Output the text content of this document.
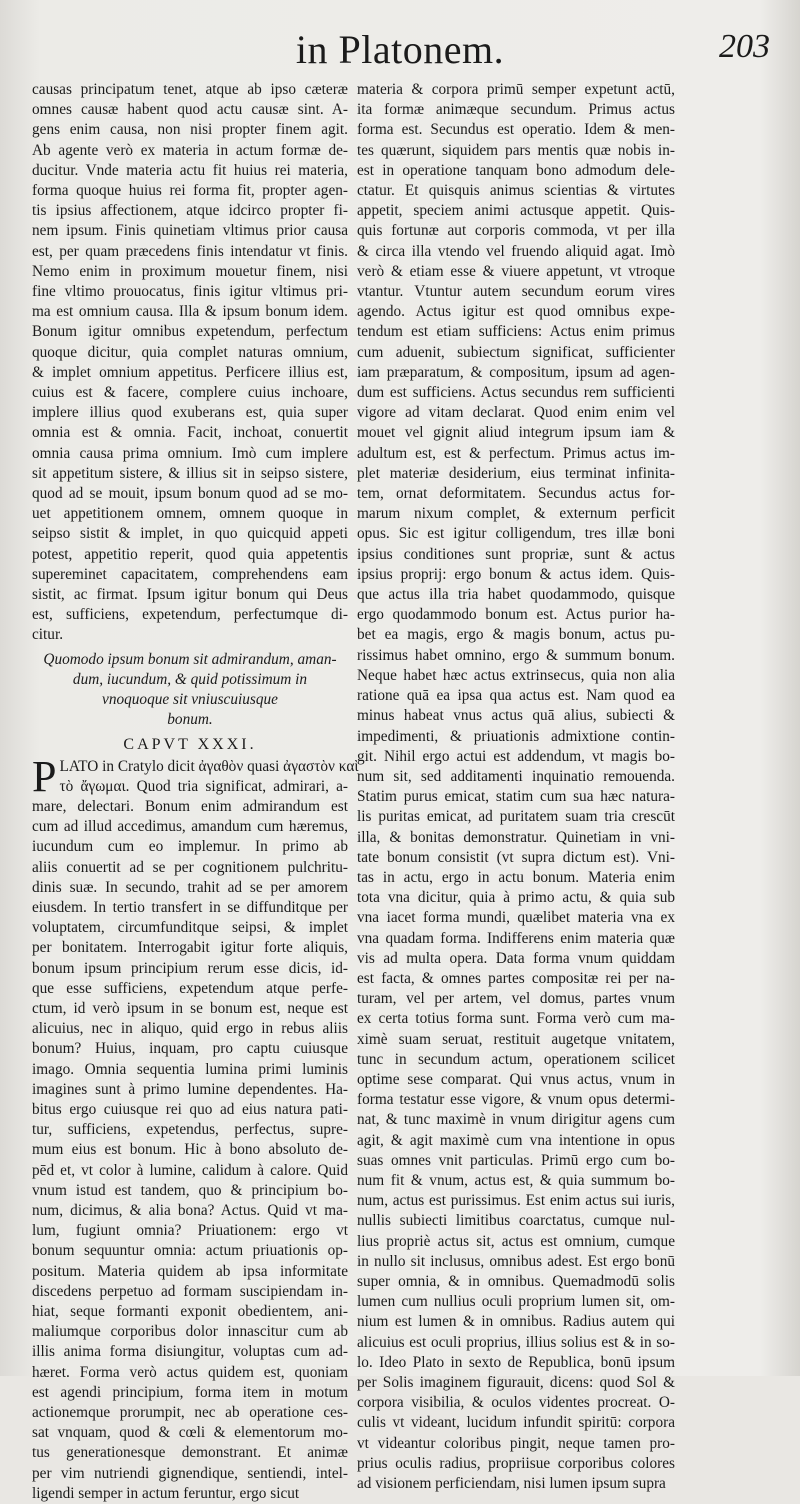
in Platonem.	203
causas principatum tenet, atque ab ipso cæteræ
omnes causæ habent quod actu causæ sint. A-
gens enim causa, non nisi propter finem agit.
Ab agente verò ex materia in actum formæ de-
ducitur. Vnde materia actu fit huius rei materia,
forma quoque huius rei forma fit, propter agen-
tis ipsius affectionem, atque idcirco propter fi-
nem ipsum. Finis quinetiam vltimus prior causa
est, per quam præcedens finis intendatur vt finis.
Nemo enim in proximum mouetur finem, nisi
fine vltimo prouocatus, finis igitur vltimus pri-
ma est omnium causa. Illa & ipsum bonum idem.
Bonum igitur omnibus expetendum, perfectum
quoque dicitur, quia complet naturas omnium,
& implet omnium appetitus. Perficere illius est,
cuius est & facere, complere cuius inchoare,
implere illius quod exuberans est, quia super
omnia est & omnia. Facit, inchoat, conuertit
omnia causa prima omnium. Imò cum implere
sit appetitum sistere, & illius sit in seipso sistere,
quod ad se mouit, ipsum bonum quod ad se mo-
uet appetitionem omnem, omnem quoque in
seipso sistit & implet, in quo quicquid appeti
potest, appetitio reperit, quod quia appetentis
supereminet capacitatem, comprehendens eam
sistit, ac firmat. Ipsum igitur bonum qui Deus
est, sufficiens, expetendum, perfectumque di-
citur.
Quomodo ipsum bonum sit admirandum, aman-
dum, iucundum, & quid potissimum in
vnoquoque sit vniuscuiusque
bonum.
CAPVT XXXI.
P LATO in Cratylo dicit ἀγαθὸν quasi ἀγαστὸν καὶ
τὸ ἄγωμαι. Quod tria significat, admirari, a-
mare, delectari. Bonum enim admirandum est
cum ad illud accedimus, amandum cum hæremus,
iucundum cum eo implemur. In primo ab
aliis conuertit ad se per cognitionem pulchritu-
dinis suæ. In secundo, trahit ad se per amorem
eiusdem. In tertio transfert in se diffunditque per
voluptatem, circumfunditque seipsi, & implet
per bonitatem. Interrogabit igitur forte aliquis,
bonum ipsum principium rerum esse dicis, id-
que esse sufficiens, expetendum atque perfe-
ctum, id verò ipsum in se bonum est, neque est
alicuius, nec in aliquo, quid ergo in rebus aliis
bonum? Huius, inquam, pro captu cuiusque
imago. Omnia sequentia lumina primi luminis
imagines sunt à primo lumine dependentes. Ha-
bitus ergo cuiusque rei quo ad eius natura pati-
tur, sufficiens, expetendus, perfectus, supre-
mum eius est bonum. Hic à bono absoluto de-
pēd et, vt color à lumine, calidum à calore. Quid
vnum istud est tandem, quo & principium bo-
num, dicimus, & alia bona? Actus. Quid vt ma-
lum, fugiunt omnia? Priuationem: ergo vt
bonum sequuntur omnia: actum priuationis op-
positum. Materia quidem ab ipsa informitate
discedens perpetuo ad formam suscipiendam in-
hiat, seque formanti exponit obedientem, ani-
maliumque corporibus dolor innascitur cum ab
illis anima forma disiungitur, voluptas cum ad-
hæret. Forma verò actus quidem est, quoniam
est agendi principium, forma item in motum
actionemque prorumpit, nec ab operatione ces-
sat vnquam, quod & cœli & elementorum mo-
tus generationesque demonstrant. Et animæ
per vim nutriendi gignendique, sentiendi, intel-
ligendi semper in actum feruntur, ergo sicut
materia & corpora primū semper expetunt actū,
ita formæ animæque secundum. Primus actus
forma est. Secundus est operatio. Idem & men-
tes quærunt, siquidem pars mentis quæ nobis in-
est in operatione tanquam bono admodum dele-
ctatur. Et quisquis animus scientias & virtutes
appetit, speciem animi actusque appetit. Quis-
quis fortunæ aut corporis commoda, vt per illa
& circa illa vtendo vel fruendo aliquid agat. Imò
verò & etiam esse & viuere appetunt, vt vtroque
vtantur. Vtuntur autem secundum eorum vires
agendo. Actus igitur est quod omnibus expe-
tendum est etiam sufficiens: Actus enim primus
cum aduenit, subiectum significat, sufficienter
iam præparatum, & compositum, ipsum ad agen-
dum est sufficiens. Actus secundus rem sufficienti
vigore ad vitam declarat. Quod enim enim vel
mouet vel gignit aliud integrum ipsum iam &
adultum est, est & perfectum. Primus actus im-
plet materiæ desiderium, eius terminat infinita-
tem, ornat deformitatem. Secundus actus for-
marum nixum complet, & externum perficit
opus. Sic est igitur colligendum, tres illæ boni
ipsius conditiones sunt propriæ, sunt & actus
ipsius proprij: ergo bonum & actus idem. Quis-
que actus illa tria habet quodammodo, quisque
ergo quodammodo bonum est. Actus purior ha-
bet ea magis, ergo & magis bonum, actus pu-
rissimus habet omnino, ergo & summum bonum.
Neque habet hæc actus extrinsecus, quia non alia
ratione quā ea ipsa qua actus est. Nam quod ea
minus habeat vnus actus quā alius, subiecti &
impedimenti, & priuationis admixtione contin-
git. Nihil ergo actui est addendum, vt magis bo-
num sit, sed additamenti inquinatio remouenda.
Statim purus emicat, statim cum sua hæc natura-
lis puritas emicat, ad puritatem suam tria crescūt
illa, & bonitas demonstratur. Quinetiam in vni-
tate bonum consistit (vt supra dictum est). Vni-
tas in actu, ergo in actu bonum. Materia enim
tota vna dicitur, quia à primo actu, & quia sub
vna iacet forma mundi, quælibet materia vna ex
vna quadam forma. Indifferens enim materia quæ
vis ad multa opera. Data forma vnum quiddam
est facta, & omnes partes compositæ rei per na-
turam, vel per artem, vel domus, partes vnum
ex certa totius forma sunt. Forma verò cum ma-
ximè suam seruat, restituit augetque vnitatem,
tunc in secundum actum, operationem scilicet
optime sese comparat. Qui vnus actus, vnum in
forma testatur esse vigore, & vnum opus determi-
nat, & tunc maximè in vnum dirigitur agens cum
agit, & agit maximè cum vna intentione in opus
suas omnes vnit particulas. Primū ergo cum bo-
num fit & vnum, actus est, & quia summum bo-
num, actus est purissimus. Est enim actus sui iuris,
nullis subiecti limitibus coarctatus, cumque nul-
lius propriè actus sit, actus est omnium, cumque
in nullo sit inclusus, omnibus adest. Est ergo bonū
super omnia, & in omnibus. Quemadmodū solis
lumen cum nullius oculi proprium lumen sit, om-
nium est lumen & in omnibus. Radius autem qui
alicuius est oculi proprius, illius solius est & in so-
lo. Ideo Plato in sexto de Republica, bonū ipsum
per Solis imaginem figurauit, dicens: quod Sol &
corpora visibilia, & oculos videntes procreat. O-
culis vt videant, lucidum infundit spiritū: corpora
vt videantur coloribus pingit, neque tamen pro-
prius oculis radius, propriisue corporibus colores
ad visionem perficiendam, nisi lumen ipsum supra
